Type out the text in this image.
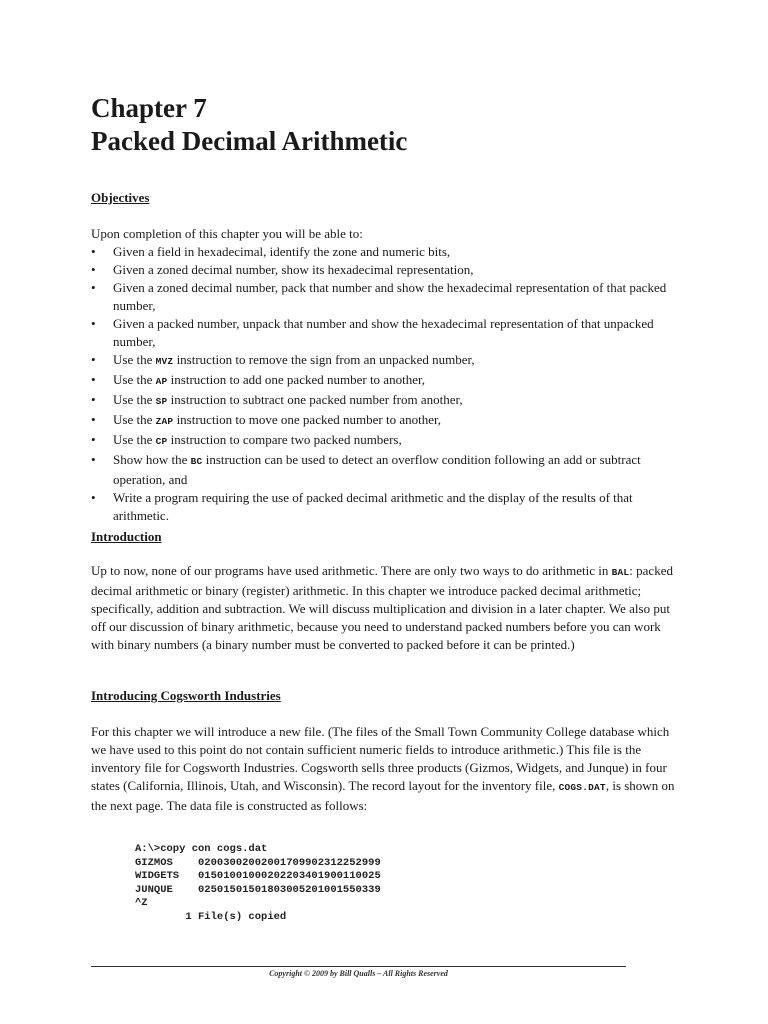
Chapter 7
Packed Decimal Arithmetic
Objectives
Upon completion of this chapter you will be able to:
• Given a field in hexadecimal, identify the zone and numeric bits,
• Given a zoned decimal number, show its hexadecimal representation,
• Given a zoned decimal number, pack that number and show the hexadecimal representation of that packed number,
• Given a packed number, unpack that number and show the hexadecimal representation of that unpacked number,
• Use the MVZ instruction to remove the sign from an unpacked number,
• Use the AP instruction to add one packed number to another,
• Use the SP instruction to subtract one packed number from another,
• Use the ZAP instruction to move one packed number to another,
• Use the CP instruction to compare two packed numbers,
• Show how the BC instruction can be used to detect an overflow condition following an add or subtract operation, and
• Write a program requiring the use of packed decimal arithmetic and the display of the results of that arithmetic.
Introduction

Up to now, none of our programs have used arithmetic. There are only two ways to do arithmetic in BAL: packed decimal arithmetic or binary (register) arithmetic. In this chapter we introduce packed decimal arithmetic; specifically, addition and subtraction. We will discuss multiplication and division in a later chapter. We also put off our discussion of binary arithmetic, because you need to understand packed numbers before you can work with binary numbers (a binary number must be converted to packed before it can be printed.)

Introducing Cogsworth Industries

For this chapter we will introduce a new file. (The files of the Small Town Community College database which we have used to this point do not contain sufficient numeric fields to introduce arithmetic.) This file is the inventory file for Cogsworth Industries. Cogsworth sells three products (Gizmos, Widgets, and Junque) in four states (California, Illinois, Utah, and Wisconsin). The record layout for the inventory file, COGS.DAT, is shown on the next page. The data file is constructed as follows:

A:\>copy con cogs.dat
GIZMOS    02003002002001709902312252999
WIDGETS   01501001000202203401900110025
JUNQUE    02501501501803005201001550339
^Z
1 File(s) copied
Copyright © 2009 by Bill Qualls – All Rights Reserved
